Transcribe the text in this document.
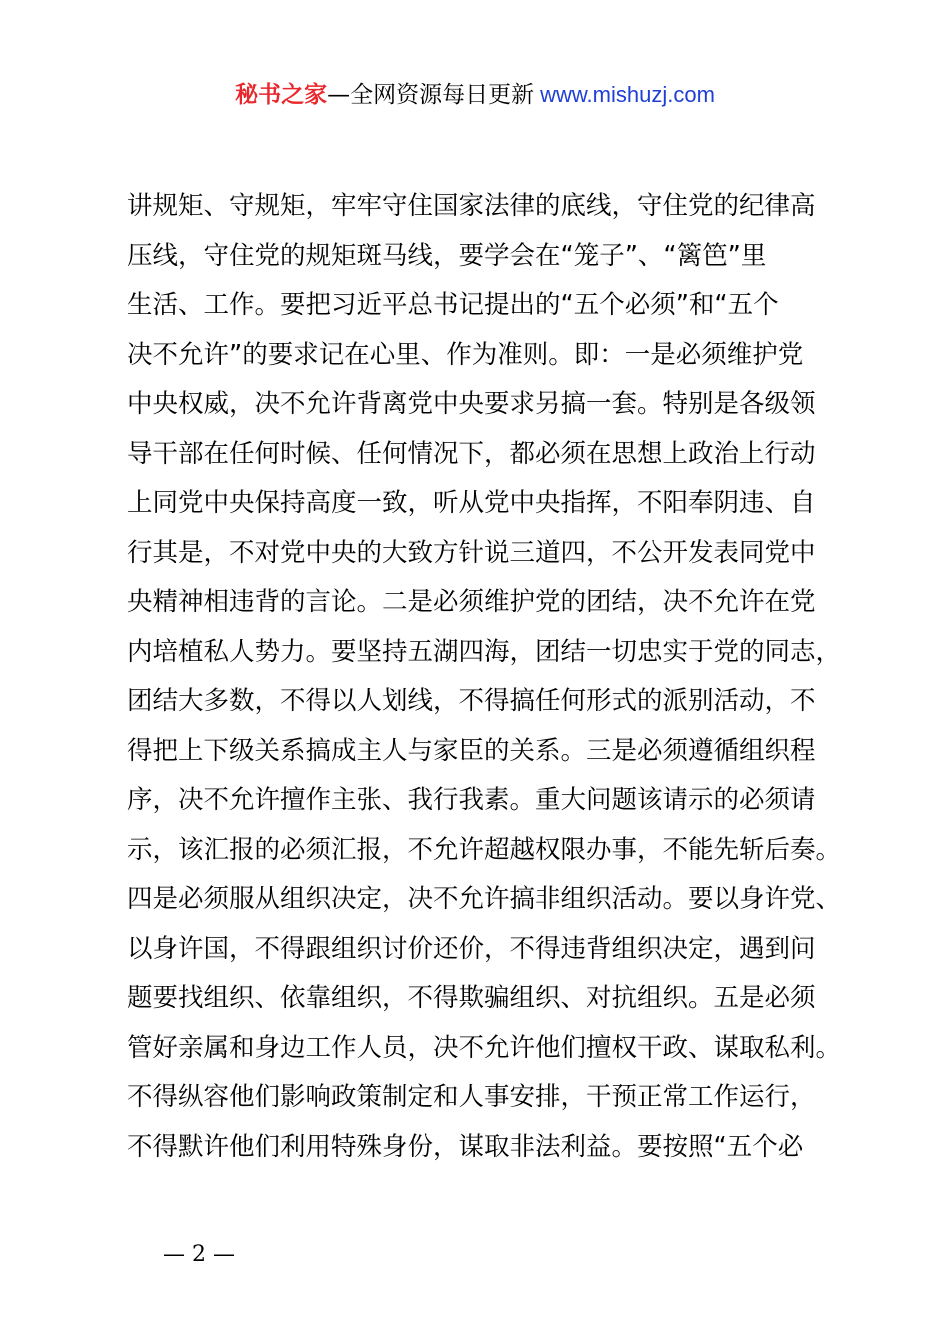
秘书之家—全网资源每日更新 www.mishuzj.com
讲规矩、守规矩，牢牢守住国家法律的底线，守住党的纪律高
压线，守住党的规矩斑马线，要学会在“笼子”、“篱笆”里
生活、工作。要把习近平总书记提出的“五个必须”和“五个
决不允许”的要求记在心里、作为准则。即：一是必须维护党
中央权威，决不允许背离党中央要求另搞一套。特别是各级领
导干部在任何时候、任何情况下，都必须在思想上政治上行动
上同党中央保持高度一致，听从党中央指挥，不阳奉阴违、自
行其是，不对党中央的大致方针说三道四，不公开发表同党中
央精神相违背的言论。二是必须维护党的团结，决不允许在党
内培植私人势力。要坚持五湖四海，团结一切忠实于党的同志，
团结大多数，不得以人划线，不得搞任何形式的派别活动，不
得把上下级关系搞成主人与家臣的关系。三是必须遵循组织程
序，决不允许擅作主张、我行我素。重大问题该请示的必须请
示，该汇报的必须汇报，不允许超越权限办事，不能先斩后奏。
四是必须服从组织决定，决不允许搞非组织活动。要以身许党、
以身许国，不得跟组织讨价还价，不得违背组织决定，遇到问
题要找组织、依靠组织，不得欺骗组织、对抗组织。五是必须
管好亲属和身边工作人员，决不允许他们擅权干政、谋取私利。
不得纵容他们影响政策制定和人事安排，干预正常工作运行，
不得默许他们利用特殊身份，谋取非法利益。要按照“五个必
— 2 —
